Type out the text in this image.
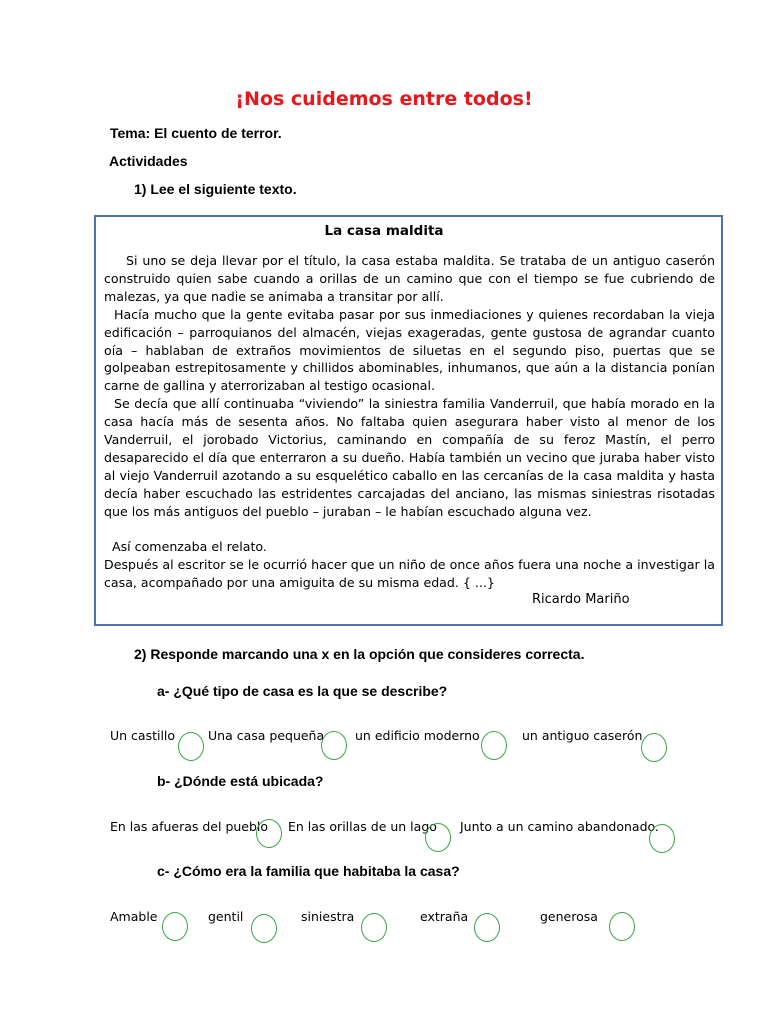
¡Nos cuidemos entre todos!
Tema: El cuento de terror.
Actividades
1) Lee el siguiente texto.
La casa maldita

Si uno se deja llevar por el título, la casa estaba maldita. Se trataba de un antiguo caserón construido quien sabe cuando a orillas de un camino que con el tiempo se fue cubriendo de malezas, ya que nadie se animaba a transitar por allí.

Hacía mucho que la gente evitaba pasar por sus inmediaciones y quienes recordaban la vieja edificación – parroquianos del almacén, viejas exageradas, gente gustosa de agrandar cuanto oía – hablaban de extraños movimientos de siluetas en el segundo piso, puertas que se golpeaban estrepitosamente y chillidos abominables, inhumanos, que aún a la distancia ponían carne de gallina y aterrorizaban al testigo ocasional.

Se decía que allí continuaba “viviendo” la siniestra familia Vanderruil, que había morado en la casa hacía más de sesenta años. No faltaba quien asegurara haber visto al menor de los Vanderruil, el jorobado Victorius, caminando en compañía de su feroz Mastín, el perro desaparecido el día que enterraron a su dueño. Había también un vecino que juraba haber visto al viejo Vanderruil azotando a su esquelético caballo en las cercanías de la casa maldita y hasta decía haber escuchado las estridentes carcajadas del anciano, las mismas siniestras risotadas que los más antiguos del pueblo – juraban – le habían escuchado alguna vez.

Así comenzaba el relato.

Después al escritor se le ocurrió hacer que un niño de once años fuera una noche a investigar la casa, acompañado por una amiguita de su misma edad. { ...}

Ricardo Mariño
2) Responde marcando una x en la opción que consideres correcta.
a- ¿Qué tipo de casa es la que se describe?
Un castillo	Una casa pequeña un edificio moderno	un antiguo caserón
b- ¿Dónde está ubicada?
En las afueras del pueblo En las orillas de un lago Junto a un camino abandonado.
c- ¿Cómo era la familia que habitaba la casa?
Amable	gentil	siniestra	extraña	generosa
